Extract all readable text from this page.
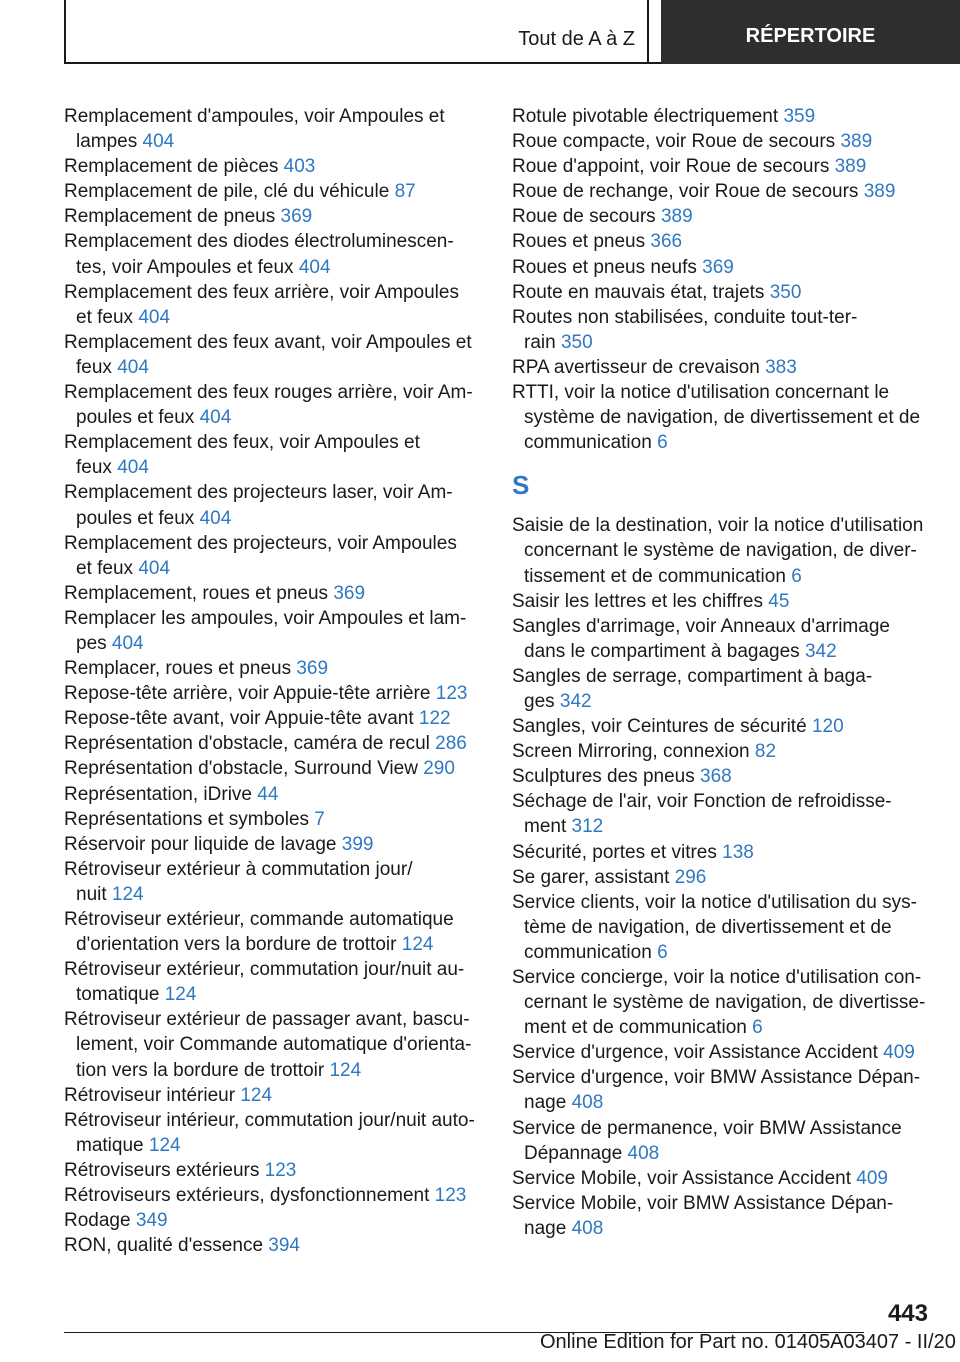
Tout de A à Z	RÉPERTOIRE
Remplacement d'ampoules, voir Ampoules et
lampes 404
Remplacement de pièces 403
Remplacement de pile, clé du véhicule 87
Remplacement de pneus 369
Remplacement des diodes électroluminescen-
tes, voir Ampoules et feux 404
Remplacement des feux arrière, voir Ampoules
et feux 404
Remplacement des feux avant, voir Ampoules et
feux 404
Remplacement des feux rouges arrière, voir Am-
poules et feux 404
Remplacement des feux, voir Ampoules et
feux 404
Remplacement des projecteurs laser, voir Am-
poules et feux 404
Remplacement des projecteurs, voir Ampoules
et feux 404
Remplacement, roues et pneus 369
Remplacer les ampoules, voir Ampoules et lam-
pes 404
Remplacer, roues et pneus 369
Repose-tête arrière, voir Appuie-tête arrière 123
Repose-tête avant, voir Appuie-tête avant 122
Représentation d'obstacle, caméra de recul 286
Représentation d'obstacle, Surround View 290
Représentation, iDrive 44
Représentations et symboles 7
Réservoir pour liquide de lavage 399
Rétroviseur extérieur à commutation jour/
nuit 124
Rétroviseur extérieur, commande automatique
d'orientation vers la bordure de trottoir 124
Rétroviseur extérieur, commutation jour/nuit au-
tomatique 124
Rétroviseur extérieur de passager avant, bascu-
lement, voir Commande automatique d'orienta-
tion vers la bordure de trottoir 124
Rétroviseur intérieur 124
Rétroviseur intérieur, commutation jour/nuit auto-
matique 124
Rétroviseurs extérieurs 123
Rétroviseurs extérieurs, dysfonctionnement 123
Rodage 349
RON, qualité d'essence 394
Rotule pivotable électriquement 359
Roue compacte, voir Roue de secours 389
Roue d'appoint, voir Roue de secours 389
Roue de rechange, voir Roue de secours 389
Roue de secours 389
Roues et pneus 366
Roues et pneus neufs 369
Route en mauvais état, trajets 350
Routes non stabilisées, conduite tout-ter-
rain 350
RPA avertisseur de crevaison 383
RTTI, voir la notice d'utilisation concernant le
système de navigation, de divertissement et de
communication 6
S
Saisie de la destination, voir la notice d'utilisation
concernant le système de navigation, de diver-
tissement et de communication 6
Saisir les lettres et les chiffres 45
Sangles d'arrimage, voir Anneaux d'arrimage
dans le compartiment à bagages 342
Sangles de serrage, compartiment à baga-
ges 342
Sangles, voir Ceintures de sécurité 120
Screen Mirroring, connexion 82
Sculptures des pneus 368
Séchage de l'air, voir Fonction de refroidisse-
ment 312
Sécurité, portes et vitres 138
Se garer, assistant 296
Service clients, voir la notice d'utilisation du sys-
tème de navigation, de divertissement et de
communication 6
Service concierge, voir la notice d'utilisation con-
cernant le système de navigation, de divertisse-
ment et de communication 6
Service d'urgence, voir Assistance Accident 409
Service d'urgence, voir BMW Assistance Dépan-
nage 408
Service de permanence, voir BMW Assistance
Dépannage 408
Service Mobile, voir Assistance Accident 409
Service Mobile, voir BMW Assistance Dépan-
nage 408
443
Online Edition for Part no. 01405A03407 - II/20
